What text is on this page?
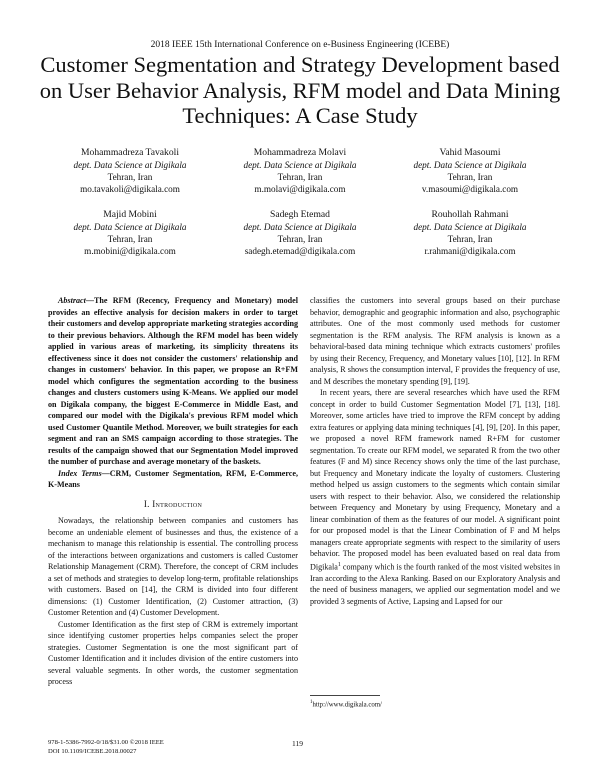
2018 IEEE 15th International Conference on e-Business Engineering (ICEBE)
Customer Segmentation and Strategy Development based on User Behavior Analysis, RFM model and Data Mining Techniques: A Case Study
Mohammadreza Tavakoli
dept. Data Science at Digikala
Tehran, Iran
mo.tavakoli@digikala.com
Mohammadreza Molavi
dept. Data Science at Digikala
Tehran, Iran
m.molavi@digikala.com
Vahid Masoumi
dept. Data Science at Digikala
Tehran, Iran
v.masoumi@digikala.com
Majid Mobini
dept. Data Science at Digikala
Tehran, Iran
m.mobini@digikala.com
Sadegh Etemad
dept. Data Science at Digikala
Tehran, Iran
sadegh.etemad@digikala.com
Rouhollah Rahmani
dept. Data Science at Digikala
Tehran, Iran
r.rahmani@digikala.com

Abstract—The RFM (Recency, Frequency and Monetary) model provides an effective analysis for decision makers in order to target their customers and develop appropriate marketing strategies according to their previous behaviors. Although the RFM model has been widely applied in various areas of marketing, its simplicity threatens its effectiveness since it does not consider the customers' relationship and changes in customers' behavior. In this paper, we propose an R+FM model which configures the segmentation according to the business changes and clusters customers using K-Means. We applied our model on Digikala company, the biggest E-Commerce in Middle East, and compared our model with the Digikala's previous RFM model which used Customer Quantile Method. Moreover, we built strategies for each segment and ran an SMS campaign according to those strategies. The results of the campaign showed that our Segmentation Model improved the number of purchase and average monetary of the baskets.

Index Terms—CRM, Customer Segmentation, RFM, E-Commerce, K-Means

I. Introduction

Nowadays, the relationship between companies and customers has become an undeniable element of businesses and thus, the existence of a mechanism to manage this relationship is essential. The controlling process of the interactions between organizations and customers is called Customer Relationship Management (CRM). Therefore, the concept of CRM includes a set of methods and strategies to develop long-term, profitable relationships with customers. Based on [14], the CRM is divided into four different dimensions: (1) Customer Identification, (2) Customer attraction, (3) Customer Retention and (4) Customer Development.

Customer Identification as the first step of CRM is extremely important since identifying customer properties helps companies select the proper strategies. Customer Segmentation is one the most significant part of Customer Identification and it includes division of the entire customers into several valuable segments. In other words, the customer segmentation process

classifies the customers into several groups based on their purchase behavior, demographic and geographic information and also, psychographic attributes. One of the most commonly used methods for customer segmentation is the RFM analysis. The RFM analysis is known as a behavioral-based data mining technique which extracts customers' profiles by using their Recency, Frequency, and Monetary values [10], [12]. In RFM analysis, R shows the consumption interval, F provides the frequency of use, and M describes the monetary spending [9], [19].

In recent years, there are several researches which have used the RFM concept in order to build Customer Segmentation Model [7], [13], [18]. Moreover, some articles have tried to improve the RFM concept by adding extra features or applying data mining techniques [4], [9], [20]. In this paper, we proposed a novel RFM framework named R+FM for customer segmentation. To create our RFM model, we separated R from the two other features (F and M) since Recency shows only the time of the last purchase, but Frequency and Monetary indicate the loyalty of customers. Clustering method helped us assign customers to the segments which contain similar users with respect to their behavior. Also, we considered the relationship between Frequency and Monetary by using Frequency, Monetary and a linear combination of them as the features of our model. A significant point for our proposed model is that the Linear Combination of F and M helps managers create appropriate segments with respect to the similarity of users behavior. The proposed model has been evaluated based on real data from Digikala$^1$ company which is the fourth ranked of the most visited websites in Iran according to the Alexa Ranking. Based on our Exploratory Analysis and the need of business managers, we applied our segmentation model and we provided 3 segments of Active, Lapsing and Lapsed for our

$^1$http://www.digikala.com/
978-1-5386-7992-0/18/$31.00 ©2018 IEEE
DOI 10.1109/ICEBE.2018.00027
119
